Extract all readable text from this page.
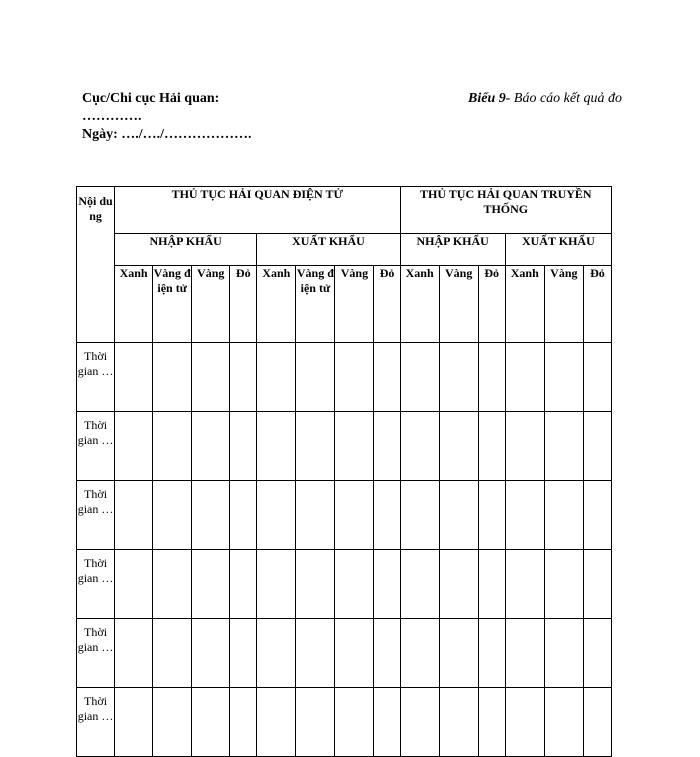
Cục/Chi cục Hải quan:
………….
Ngày: …./…./……………….
Biểu 9- Báo cáo kết quả đo
Nội dung	THỦ TỤC HẢI QUAN ĐIỆN TỬ								THỦ TỤC HẢI QUAN TRUYỀN THỐNG					
	NHẬP KHẨU				XUẤT KHẨU				NHẬP KHẨU			XUẤT KHẨU		
	Xanh	Vàng điện tử	Vàng	Đỏ	Xanh	Vàng điện tử	Vàng	Đỏ	Xanh	Vàng	Đỏ	Xanh	Vàng	Đỏ
Thời gian …														
Thời gian …														
Thời gian …														
Thời gian …														
Thời gian …														
Thời gian …														
